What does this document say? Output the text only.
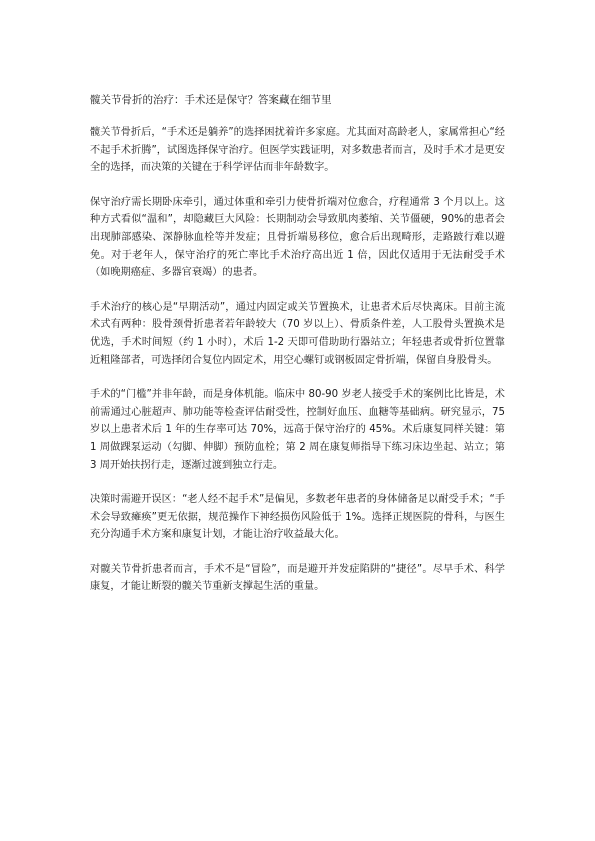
髋关节骨折的治疗：手术还是保守？答案藏在细节里

髋关节骨折后，“手术还是躺养”的选择困扰着许多家庭。尤其面对高龄老人，家属常担心“经不起手术折腾”，试图选择保守治疗。但医学实践证明，对多数患者而言，及时手术才是更安全的选择，而决策的关键在于科学评估而非年龄数字。

保守治疗需长期卧床牵引，通过体重和牵引力使骨折端对位愈合，疗程通常 3 个月以上。这种方式看似“温和”，却隐藏巨大风险：长期制动会导致肌肉萎缩、关节僵硬，90%的患者会出现肺部感染、深静脉血栓等并发症；且骨折端易移位，愈合后出现畸形，走路跛行难以避免。对于老年人，保守治疗的死亡率比手术治疗高出近 1 倍，因此仅适用于无法耐受手术（如晚期癌症、多器官衰竭）的患者。

手术治疗的核心是“早期活动”，通过内固定或关节置换术，让患者术后尽快离床。目前主流术式有两种：股骨颈骨折患者若年龄较大（70 岁以上）、骨质条件差，人工股骨头置换术是优选，手术时间短（约 1 小时），术后 1-2 天即可借助助行器站立；年轻患者或骨折位置靠近粗隆部者，可选择闭合复位内固定术，用空心螺钉或钢板固定骨折端，保留自身股骨头。

手术的“门槛”并非年龄，而是身体机能。临床中 80-90 岁老人接受手术的案例比比皆是，术前需通过心脏超声、肺功能等检查评估耐受性，控制好血压、血糖等基础病。研究显示，75 岁以上患者术后 1 年的生存率可达 70%，远高于保守治疗的 45%。术后康复同样关键：第 1 周做踝泵运动（勾脚、伸脚）预防血栓；第 2 周在康复师指导下练习床边坐起、站立；第 3 周开始扶拐行走，逐渐过渡到独立行走。

决策时需避开误区：“老人经不起手术”是偏见，多数老年患者的身体储备足以耐受手术；“手术会导致瘫痪”更无依据，规范操作下神经损伤风险低于 1%。选择正规医院的骨科，与医生充分沟通手术方案和康复计划，才能让治疗收益最大化。

对髋关节骨折患者而言，手术不是“冒险”，而是避开并发症陷阱的“捷径”。尽早手术、科学康复，才能让断裂的髋关节重新支撑起生活的重量。
